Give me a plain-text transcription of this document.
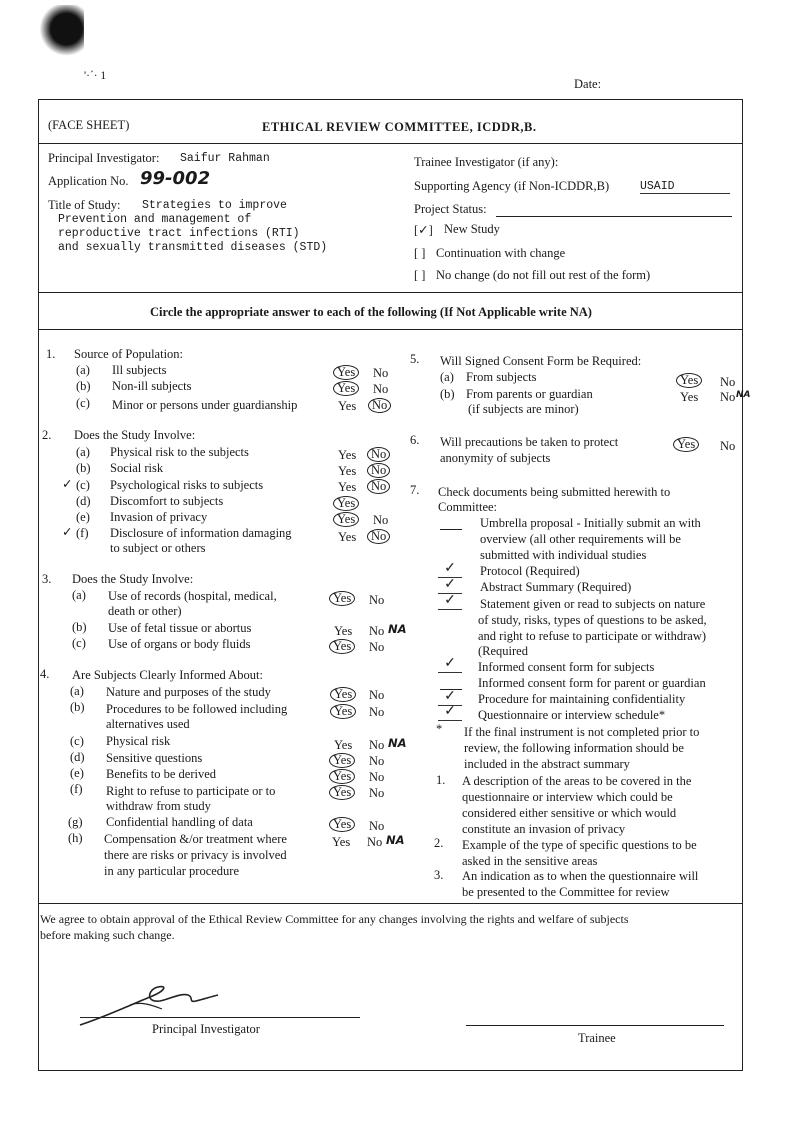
'·´· 1
Date:
(FACE SHEET)	ETHICAL REVIEW COMMITTEE, ICDDR,B.
Principal Investigator: Saifur Rahman
Application No. 99-002
Title of Study: Strategies to improve
Prevention and management of
reproductive tract infections (RTI)
and sexually transmitted diseases (STD)
Trainee Investigator (if any):
Supporting Agency (if Non-ICDDR,B)	USAID
Project Status:
[✓] New Study
[ ] Continuation with change
[ ] No change (do not fill out rest of the form)
Circle the appropriate answer to each of the following (If Not Applicable write NA)
1. Source of Population:
(a) Ill subjects	Yes	No
(b) Non-ill subjects	Yes	No
(c) Minor or persons under guardianship	Yes	No
2. Does the Study Involve:
(a) Physical risk to the subjects	Yes	No
(b) Social risk	Yes	No
✓ (c) Psychological risks to subjects	Yes	No
(d) Discomfort to subjects	Yes
(e) Invasion of privacy	Yes	No
✓ (f) Disclosure of information damaging
to subject or others
Yes	No
3. Does the Study Involve:
(a) Use of records (hospital, medical,
death or other)
Yes	No
(b) Use of fetal tissue or abortus	Yes No NA
(c) Use of organs or body fluids	Yes	No
4. Are Subjects Clearly Informed About:
(a) Nature and purposes of the study	Yes	No
(b) Procedures to be followed including
alternatives used
Yes	No
(c) Physical risk	Yes No NA
(d) Sensitive questions	Yes	No
(e) Benefits to be derived	Yes	No
(f) Right to refuse to participate or to
withdraw from study
Yes	No
(g) Confidential handling of data	Yes	No
(h) Compensation &/or treatment where
there are risks or privacy is involved
in any particular procedure
Yes No NA
5. Will Signed Consent Form be Required:
(a) From subjects	Yes	No
(b) From parents or guardian
(if subjects are minor)
Yes No NA
6. Will precautions be taken to protect
anonymity of subjects
Yes	No
7. Check documents being submitted herewith to
Committee:
Umbrella proposal - Initially submit an with
overview (all other requirements will be
submitted with individual studies
✓	Protocol (Required)
✓	Abstract Summary (Required)
✓	Statement given or read to subjects on nature
of study, risks, types of questions to be asked,
and right to refuse to participate or withdraw)
(Required
✓	Informed consent form for subjects
Informed consent form for parent or guardian
✓	Procedure for maintaining confidentiality
✓	Questionnaire or interview schedule*
* If the final instrument is not completed prior to
review, the following information should be
included in the abstract summary
1. A description of the areas to be covered in the
questionnaire or interview which could be
considered either sensitive or which would
constitute an invasion of privacy
2. Example of the type of specific questions to be
asked in the sensitive areas
3. An indication as to when the questionnaire will
be presented to the Committee for review
We agree to obtain approval of the Ethical Review Committee for any changes involving the rights and welfare of subjects
before making such change.
Principal Investigator
Trainee
